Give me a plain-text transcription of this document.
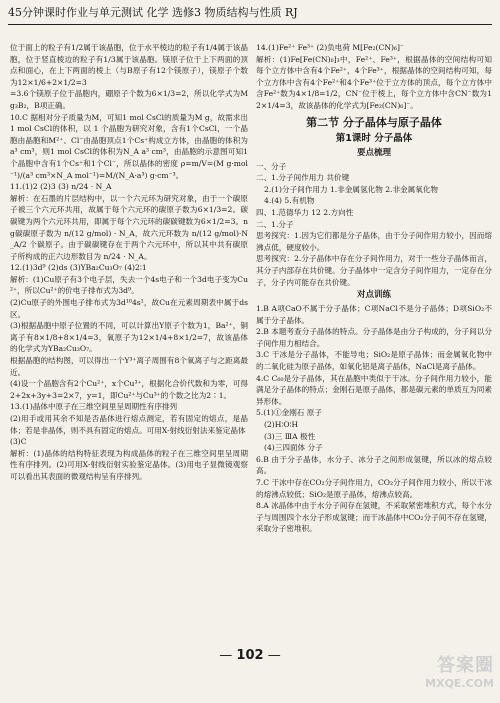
45分钟课时作业与单元测试 化学 选修3 物质结构与性质 RJ

位于面上的粒子有1/2属于该晶胞，位于水平棱边的粒子有1/4属于该晶胞，位于竖直棱边的粒子有1/3属于该晶胞。镁原子位于上下两面的顶点和面心，在上下两面的棱上（与B原子有12个镁原子），镁原子个数为12×1/6+2×1/2=3

=3.6个镁原子位于晶胞内，硼原子个数为6×1/3=2，所以化学式为Mg₃B₂，B项正确。

10.C 据相对分子质量为M，可知1 mol CsCl的质量为M g，故需求出1 mol CsCl的体积，以 1 个晶胞为研究对象，含有1个CsCl，一个晶胞由晶胞和M²⁺、Cl⁻由晶胞顶点1个Cs⁺构成立方体，由晶胞的体积为a³ cm³，则1 mol CsCl的体积为N_A a³ cm³，由晶胞的示意图可知1个晶胞中含有1个Cs⁺和1个Cl⁻，所以晶体的密度 ρ=m/V=(M g·mol⁻¹)/(a³ cm³×N_A mol⁻¹)=M/(N_A·a³) g·cm⁻³。

11.(1)2 (2)3 (3) n/24 · N_A

解析：在石墨的片层结构中，以一个六元环为研究对象，由于一个碳原子被三个六元环共用，故属于每个六元环的碳原子数为6×1/3=2。碳碳键为两个六元环共用，即属于每个六元环的碳碳键数为6×1/2=3。n g碳碳原子数为 n/(12 g/mol) · N_A，故六元环数为 n/(12 g/mol)·N_A/2 个碳原子。由于碳碳键存在于两个六元环中，所以其中共有碳原子所构成的正六边形数目为 n/24 · N_A。

12.(1)3d⁹ (2)ds (3)YBa₂Cu₃O₇ (4)2∶1

解析：(1)Cu原子有3个电子层，失去一个4s电子和一个3d电子变为Cu²⁺，所以Cu²⁺的价电子排布式为3d⁹。

(2)Cu原子的外围电子排布式为3d¹⁰4s¹，故Cu在元素周期表中属于ds区。

(3)根据晶胞中原子位置的不同，可以计算出Y原子个数为1，Ba²⁺，铜离子有8×1/8+8×1/4=3，氧原子为12×1/4+8×1/2=7，故该晶体的化学式为YBa₂Cu₃O₇。

根据晶胞的结构图，可以得出一个Y³⁺离子周围有8个氧离子与之距离最近。

(4)设一个晶胞含有2个Cu²⁺，x个Cu³⁺，根据化合价代数和为零，可得2+2x+3y+3=2×7，y=1，即Cu²⁺与Cu³⁺的个数之比为2∶1。

13.(1)晶体中原子在三维空间里呈周期性有序排列

(2)用手或用其余不知是否晶体进行熔点测定，若有固定的熔点，是晶体；若是非晶体，则不具有固定的熔点。可用X-射线衍射法来鉴定晶体

(3)C

解析：(1)晶体的结构特征表现为构成晶体的粒子在三维空间里呈周期性有序排列。(2)可用X-射线衍射实验鉴定晶体。(3)用电子显微镜观察可以看出其表面的微观结构呈有序排列。

14.(1)Fe²⁺ Fe³⁺ (2)负电荷 M[Fe₂(CN)₆]⁻

解析：(1)Fe[Fe(CN)₆]₃中，Fe²⁺、Fe³⁺，根据晶体的空间结构可知每个立方体中含有4个Fe²⁺，4个Fe³⁺，根据晶体的空间结构可知，每个立方体中含有4个Fe²⁺和4个Fe³⁺位于立方体的顶点，每个立方体中含Fe²⁺数为4×1/8=1/2，CN⁻位于棱上，每个立方体中含CN⁻数为12×1/4=3，故该晶体的化学式为[Fe₂(CN)₆]⁻。

第二节 分子晶体与原子晶体
第1课时 分子晶体
要点梳理

一、分子

二、1.分子间作用力 共价键

2.(1)分子间作用力 1.非金属氢化物 2.非金属氧化物

4.(4) 5.有机物

四、1.范德华力 12 2.方向性

二、1.分子

思考探究：1.因为它们都是分子晶体，由于分子间作用力较小，因而熔沸点低，硬度较小。

思考探究：2.分子晶体中存在分子间作用力，对于一些分子晶体而言，其分子内部存在共价键。分子晶体中一定含分子间作用力，一定存在分子，分子内可能存在共价键。

对点训练

1.B A项CaO不属于分子晶体；C项NaCl不是分子晶体；D项SiO₂不属于分子晶体。

2.B 本题考查分子晶体的特点。分子晶体是由分子构成的，分子间以分子间作用力相结合。

3.C 干冰是分子晶体，不能导电；SiO₂是原子晶体；而金属氧化物中的二氧化硅为原子晶体，如氧化铝是离子晶体，NaCl是离子晶体。

4.C C₆₀是分子晶体，其在晶胞中类似于干冰。分子间作用力较小，能满足分子晶体的特点；金刚石是原子晶体，都是碳元素的单质互为同素异形体。

5.(1)①金刚石 原子

(2)H∶O∶H

(3)三 ⅢA 极性

(4)三四面体 分子

6.B 由于分子晶体，水分子、冰分子之间形成氢键，所以冰的熔点较高。

7.C 干冰中存在CO₂分子间作用力，CO₂分子间作用力较小，所以干冰的熔沸点较低；SiO₂是原子晶体，熔沸点较高。

8.A 冰晶体中由于水分子间存在氢键，不采取紧密堆积方式，每个水分子与周围四个水分子形成氢键；而干冰晶体中CO₂分子间不存在氢键，采取分子密堆积。

— 102 —	答案圈
MXQE.COM
